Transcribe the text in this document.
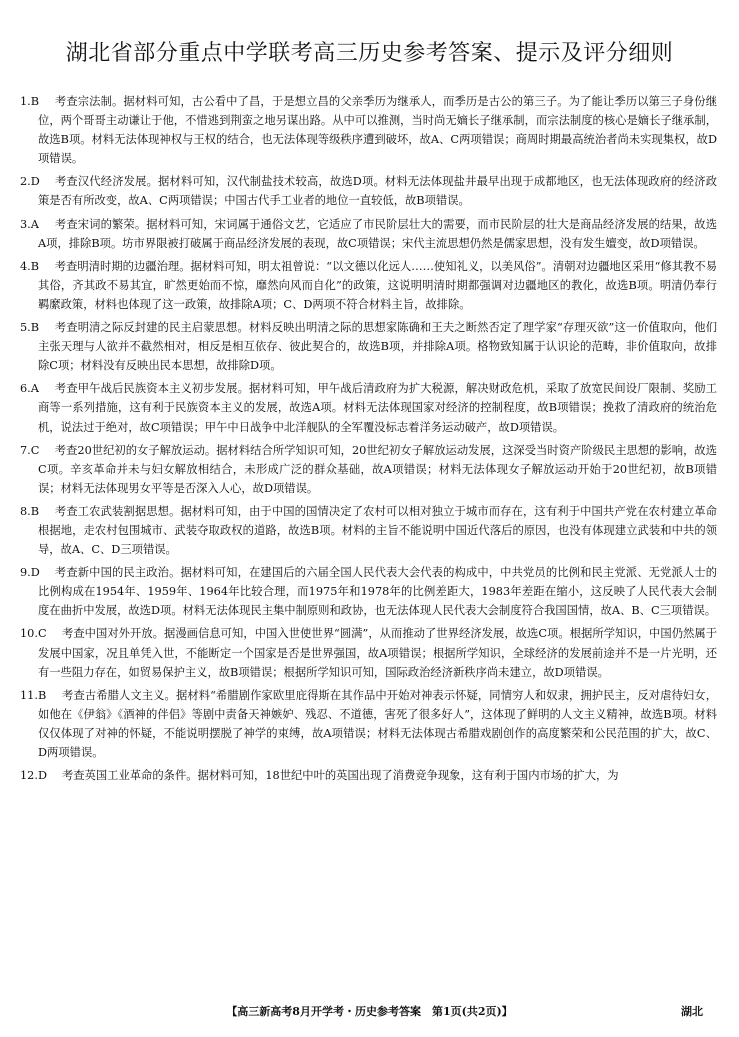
湖北省部分重点中学联考高三历史参考答案、提示及评分细则

1.B 考查宗法制。据材料可知，古公看中了昌，于是想立昌的父亲季历为继承人，而季历是古公的第三子。为了能让季历以第三子身份继位，两个哥哥主动谦让于他，不惜逃到荆蛮之地另谋出路。从中可以推测，当时尚无嫡长子继承制，而宗法制度的核心是嫡长子继承制，故选B项。材料无法体现神权与王权的结合，也无法体现等级秩序遭到破坏，故A、C两项错误；商周时期最高统治者尚未实现集权，故D项错误。

2.D 考查汉代经济发展。据材料可知，汉代制盐技术较高，故选D项。材料无法体现盐井最早出现于成都地区，也无法体现政府的经济政策是否有所改变，故A、C两项错误；中国古代手工业者的地位一直较低，故B项错误。

3.A 考查宋词的繁荣。据材料可知，宋词属于通俗文艺，它适应了市民阶层壮大的需要，而市民阶层的壮大是商品经济发展的结果，故选A项，排除B项。坊市界限被打破属于商品经济发展的表现，故C项错误；宋代主流思想仍然是儒家思想，没有发生嬗变，故D项错误。

4.B 考查明清时期的边疆治理。据材料可知，明太祖曾说：“以文德以化远人……使知礼义，以美风俗”。清朝对边疆地区采用“修其教不易其俗，齐其政不易其宜，旷然更始而不惊，靡然向风而自化”的政策，这说明明清时期都强调对边疆地区的教化，故选B项。明清仍奉行羁縻政策，材料也体现了这一政策，故排除A项；C、D两项不符合材料主旨，故排除。

5.B 考查明清之际反封建的民主启蒙思想。材料反映出明清之际的思想家陈确和王夫之断然否定了理学家“存理灭欲”这一价值取向，他们主张天理与人欲并不截然相对，相反是相互依存、彼此契合的，故选B项，并排除A项。格物致知属于认识论的范畴，非价值取向，故排除C项；材料没有反映出民本思想，故排除D项。

6.A 考查甲午战后民族资本主义初步发展。据材料可知，甲午战后清政府为扩大税源，解决财政危机，采取了放宽民间设厂限制、奖励工商等一系列措施，这有利于民族资本主义的发展，故选A项。材料无法体现国家对经济的控制程度，故B项错误；挽救了清政府的统治危机，说法过于绝对，故C项错误；甲午中日战争中北洋舰队的全军覆没标志着洋务运动破产，故D项错误。

7.C 考查20世纪初的女子解放运动。据材料结合所学知识可知，20世纪初女子解放运动发展，这深受当时资产阶级民主思想的影响，故选C项。辛亥革命并未与妇女解放相结合，未形成广泛的群众基础，故A项错误；材料无法体现女子解放运动开始于20世纪初，故B项错误；材料无法体现男女平等是否深入人心，故D项错误。

8.B 考查工农武装割据思想。据材料可知，由于中国的国情决定了农村可以相对独立于城市而存在，这有利于中国共产党在农村建立革命根据地，走农村包围城市、武装夺取政权的道路，故选B项。材料的主旨不能说明中国近代落后的原因，也没有体现建立武装和中共的领导，故A、C、D三项错误。

9.D 考查新中国的民主政治。据材料可知，在建国后的六届全国人民代表大会代表的构成中，中共党员的比例和民主党派、无党派人士的比例构成在1954年、1959年、1964年比较合理，而1975年和1978年的比例差距大，1983年差距在缩小，这反映了人民代表大会制度在曲折中发展，故选D项。材料无法体现民主集中制原则和政协，也无法体现人民代表大会制度符合我国国情，故A、B、C三项错误。

10.C 考查中国对外开放。据漫画信息可知，中国入世使世界“圆满”，从而推动了世界经济发展，故选C项。根据所学知识，中国仍然属于发展中国家，况且单凭入世，不能断定一个国家是否是世界强国，故A项错误；根据所学知识，全球经济的发展前途并不是一片光明，还有一些阻力存在，如贸易保护主义，故B项错误；根据所学知识可知，国际政治经济新秩序尚未建立，故D项错误。

11.B 考查古希腊人文主义。据材料“希腊剧作家欧里庇得斯在其作品中开始对神表示怀疑，同情穷人和奴隶，拥护民主，反对虐待妇女，如他在《伊翁》《酒神的伴侣》等剧中责备天神嫉妒、残忍、不道德，害死了很多好人”，这体现了鲜明的人文主义精神，故选B项。材料仅仅体现了对神的怀疑，不能说明摆脱了神学的束缚，故A项错误；材料无法体现古希腊戏剧创作的高度繁荣和公民范围的扩大，故C、D两项错误。

12.D 考查英国工业革命的条件。据材料可知，18世纪中叶的英国出现了消费竞争现象，这有利于国内市场的扩大，为

【高三新高考8月开学考・历史参考答案　第1页(共2页)】	湖北
